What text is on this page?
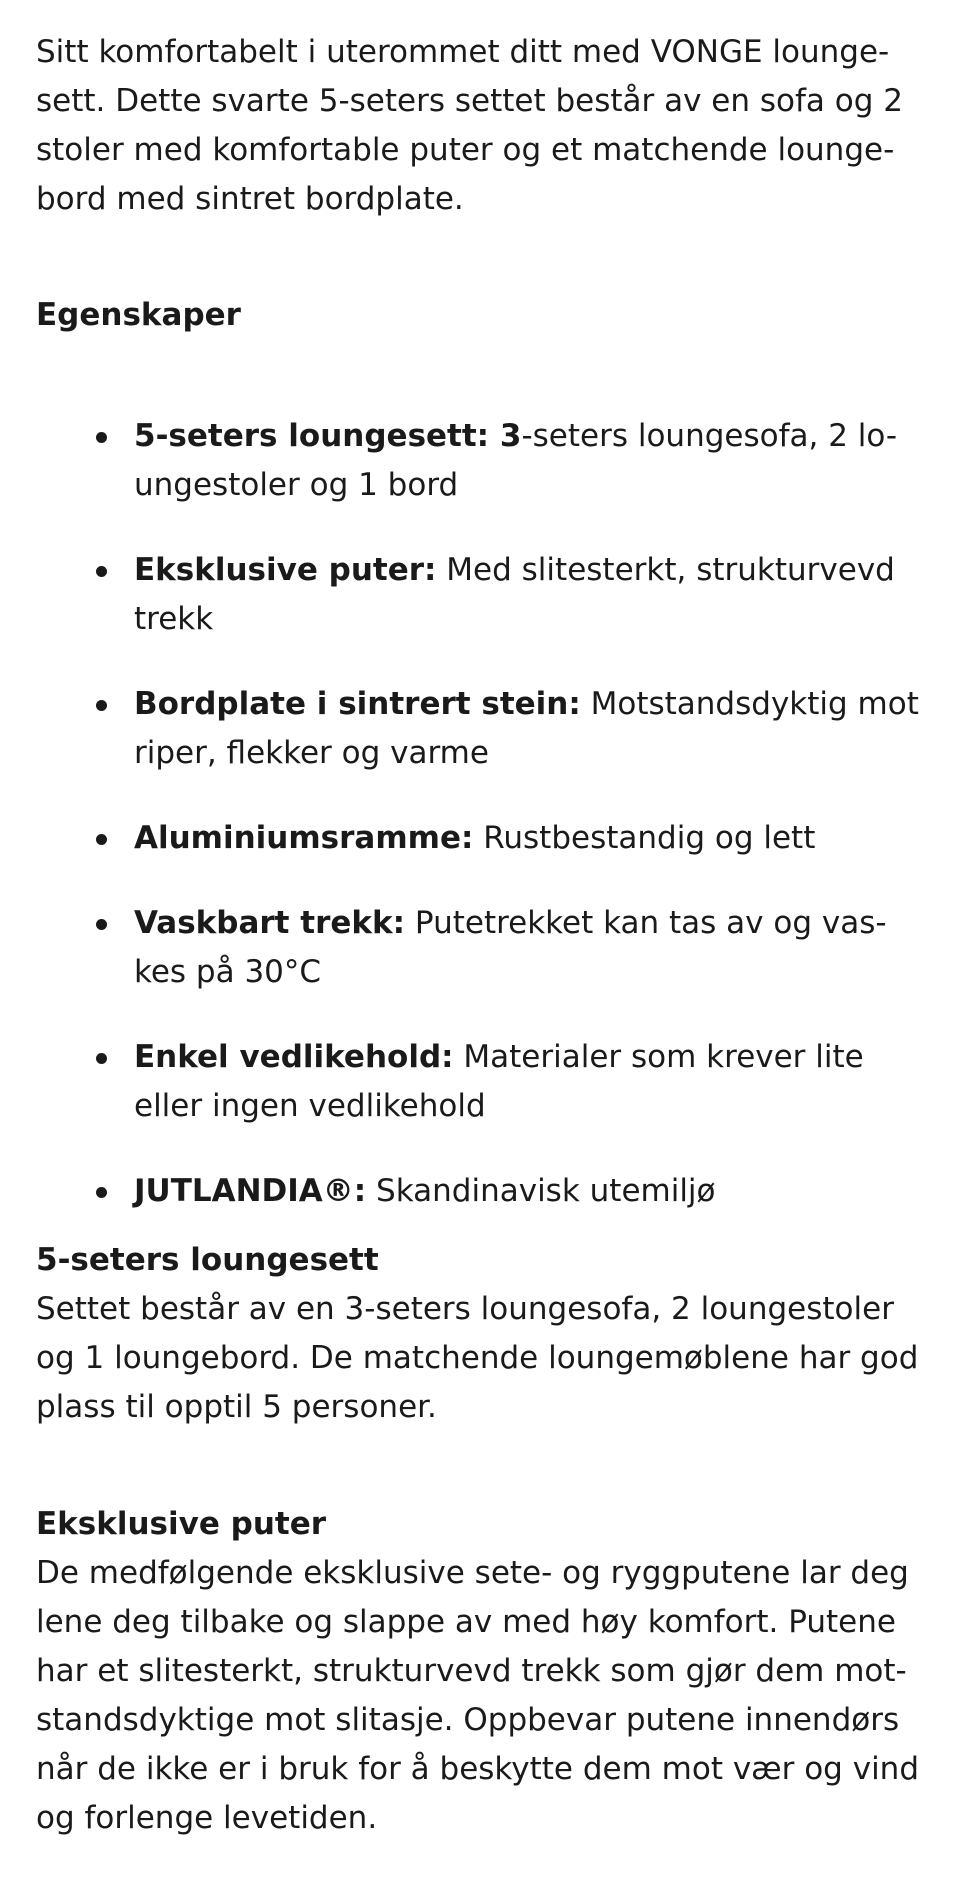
Sitt komfortabelt i uterommet ditt med VONGE lounge-sett. Dette svarte 5-seters settet består av en sofa og 2 stoler med komfortable puter og et matchende lounge-bord med sintret bordplate.

Egenskaper
5-seters loungesett: 3-seters loungesofa, 2 lo-ungestoler og 1 bord
Eksklusive puter: Med slitesterkt, strukturvevd trekk
Bordplate i sintrert stein: Motstandsdyktig mot riper, flekker og varme
Aluminiumsramme: Rustbestandig og lett
Vaskbart trekk: Putetrekket kan tas av og vas-kes på 30°C
Enkel vedlikehold: Materialer som krever lite eller ingen vedlikehold
JUTLANDIA®: Skandinavisk utemiljø
5-seters loungesett

Settet består av en 3-seters loungesofa, 2 loungestoler og 1 loungebord. De matchende loungemøblene har god plass til opptil 5 personer.

Eksklusive puter

De medfølgende eksklusive sete- og ryggputene lar deg lene deg tilbake og slappe av med høy komfort. Putene har et slitesterkt, strukturvevd trekk som gjør dem mot-standsdyktige mot slitasje. Oppbevar putene innendørs når de ikke er i bruk for å beskytte dem mot vær og vind og forlenge levetiden.
